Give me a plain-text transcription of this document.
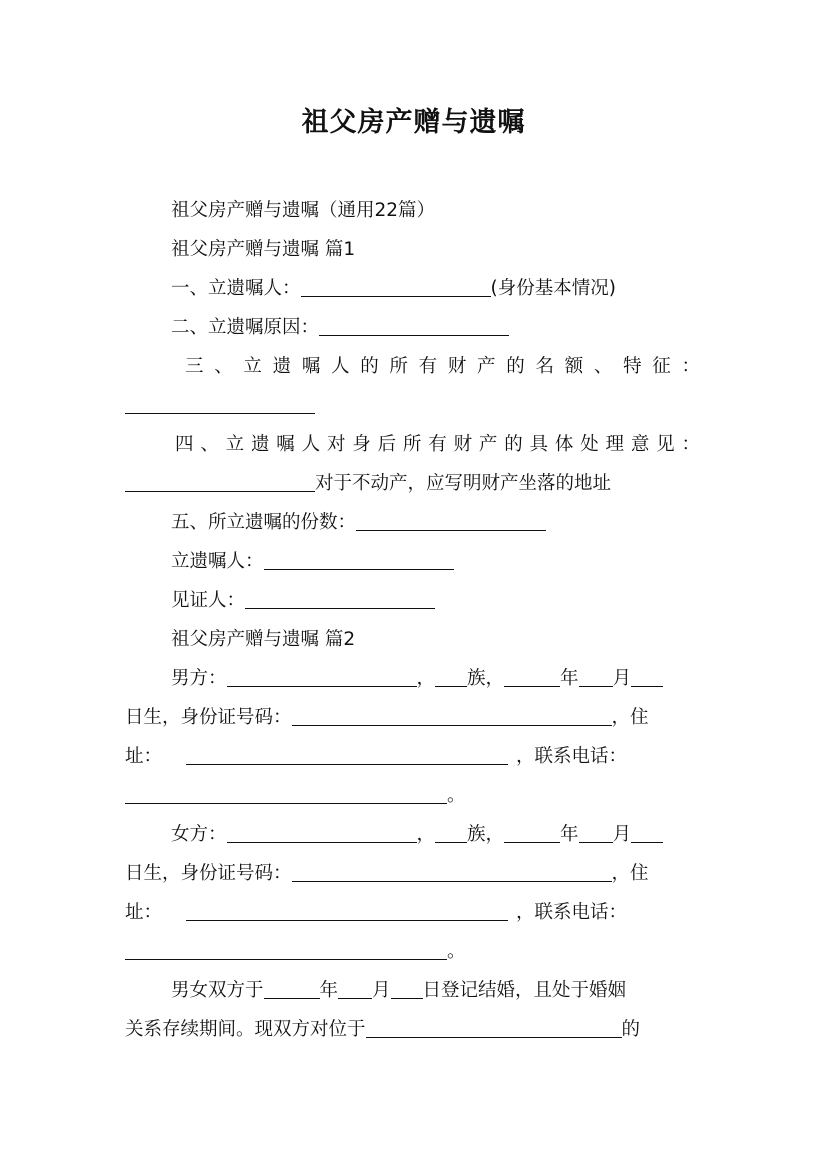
祖父房产赠与遗嘱
祖父房产赠与遗嘱（通用22篇）
祖父房产赠与遗嘱 篇1
一、立遗嘱人：	(身份基本情况)
二、立遗嘱原因：
三、立遗嘱人的所有财产的名额、特征：
四、立遗嘱人对身后所有财产的具体处理意见：
对于不动产，应写明财产坐落的地址
五、所立遗嘱的份数：
立遗嘱人：
见证人：
祖父房产赠与遗嘱 篇2
男方：	， 族，	年 月
日生，身份证号码：	，住
址：	，联系电话：
。
女方：	， 族，	年 月
日生，身份证号码：	，住
址：	，联系电话：
。
男女双方于	年 月 日登记结婚，且处于婚姻
关系存续期间。现双方对位于	的
